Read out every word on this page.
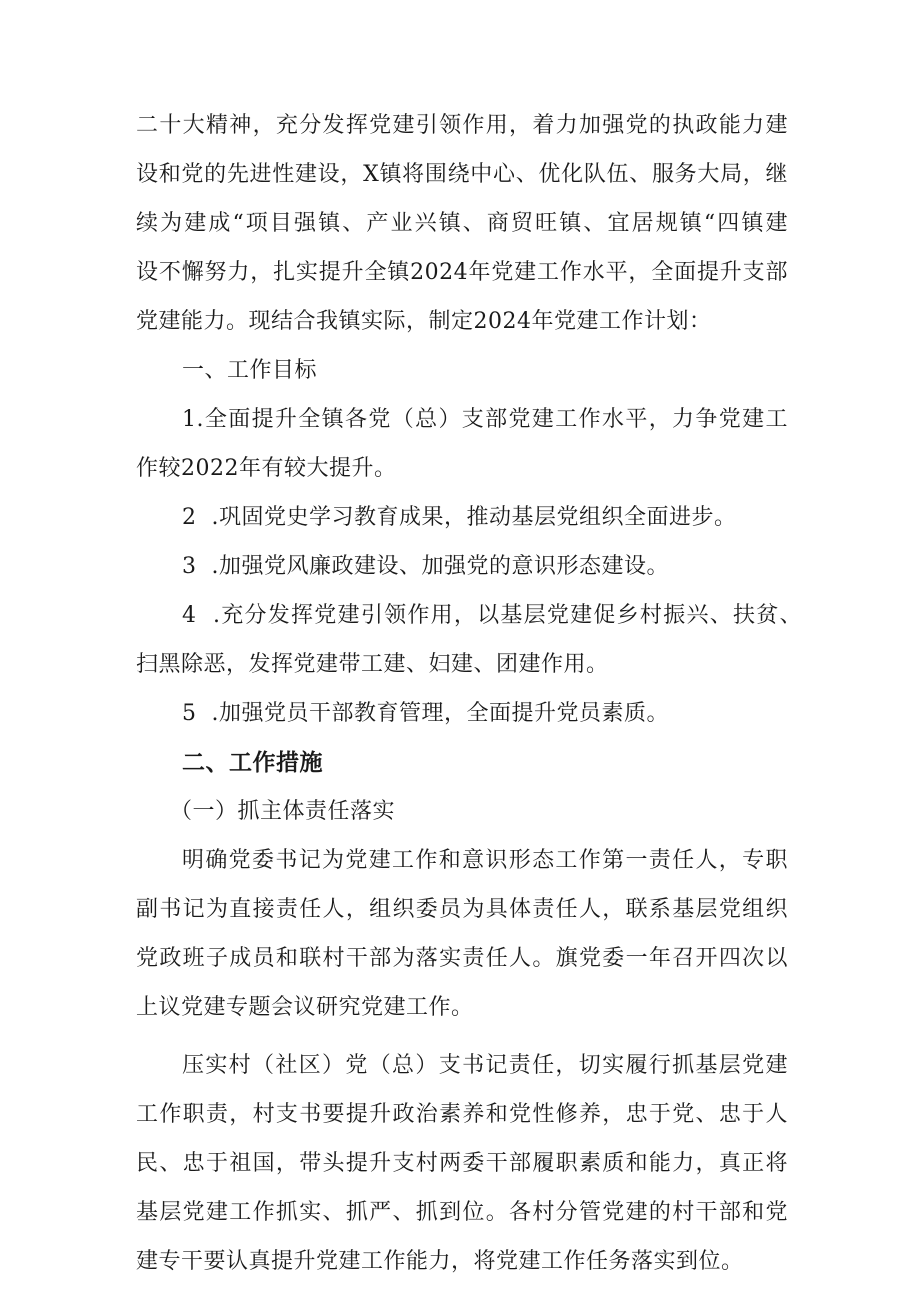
二十大精神，充分发挥党建引领作用，着力加强党的执政能力建
设和党的先进性建设，X镇将围绕中心、优化队伍、服务大局，继
续为建成“项目强镇、产业兴镇、商贸旺镇、宜居规镇“四镇建
设不懈努力，扎实提升全镇2024年党建工作水平，全面提升支部
党建能力。现结合我镇实际，制定2024年党建工作计划：
一、工作目标
1.全面提升全镇各党（总）支部党建工作水平，力争党建工
作较2022年有较大提升。
2  .巩固党史学习教育成果，推动基层党组织全面进步。
3  .加强党风廉政建设、加强党的意识形态建设。
4  .充分发挥党建引领作用，以基层党建促乡村振兴、扶贫、
扫黑除恶，发挥党建带工建、妇建、团建作用。
5  .加强党员干部教育管理，全面提升党员素质。
二、工作措施
（一）抓主体责任落实
明确党委书记为党建工作和意识形态工作第一责任人，专职
副书记为直接责任人，组织委员为具体责任人，联系基层党组织
党政班子成员和联村干部为落实责任人。旗党委一年召开四次以
上议党建专题会议研究党建工作。
压实村（社区）党（总）支书记责任，切实履行抓基层党建
工作职责，村支书要提升政治素养和党性修养，忠于党、忠于人
民、忠于祖国，带头提升支村两委干部履职素质和能力，真正将
基层党建工作抓实、抓严、抓到位。各村分管党建的村干部和党
建专干要认真提升党建工作能力，将党建工作任务落实到位。
